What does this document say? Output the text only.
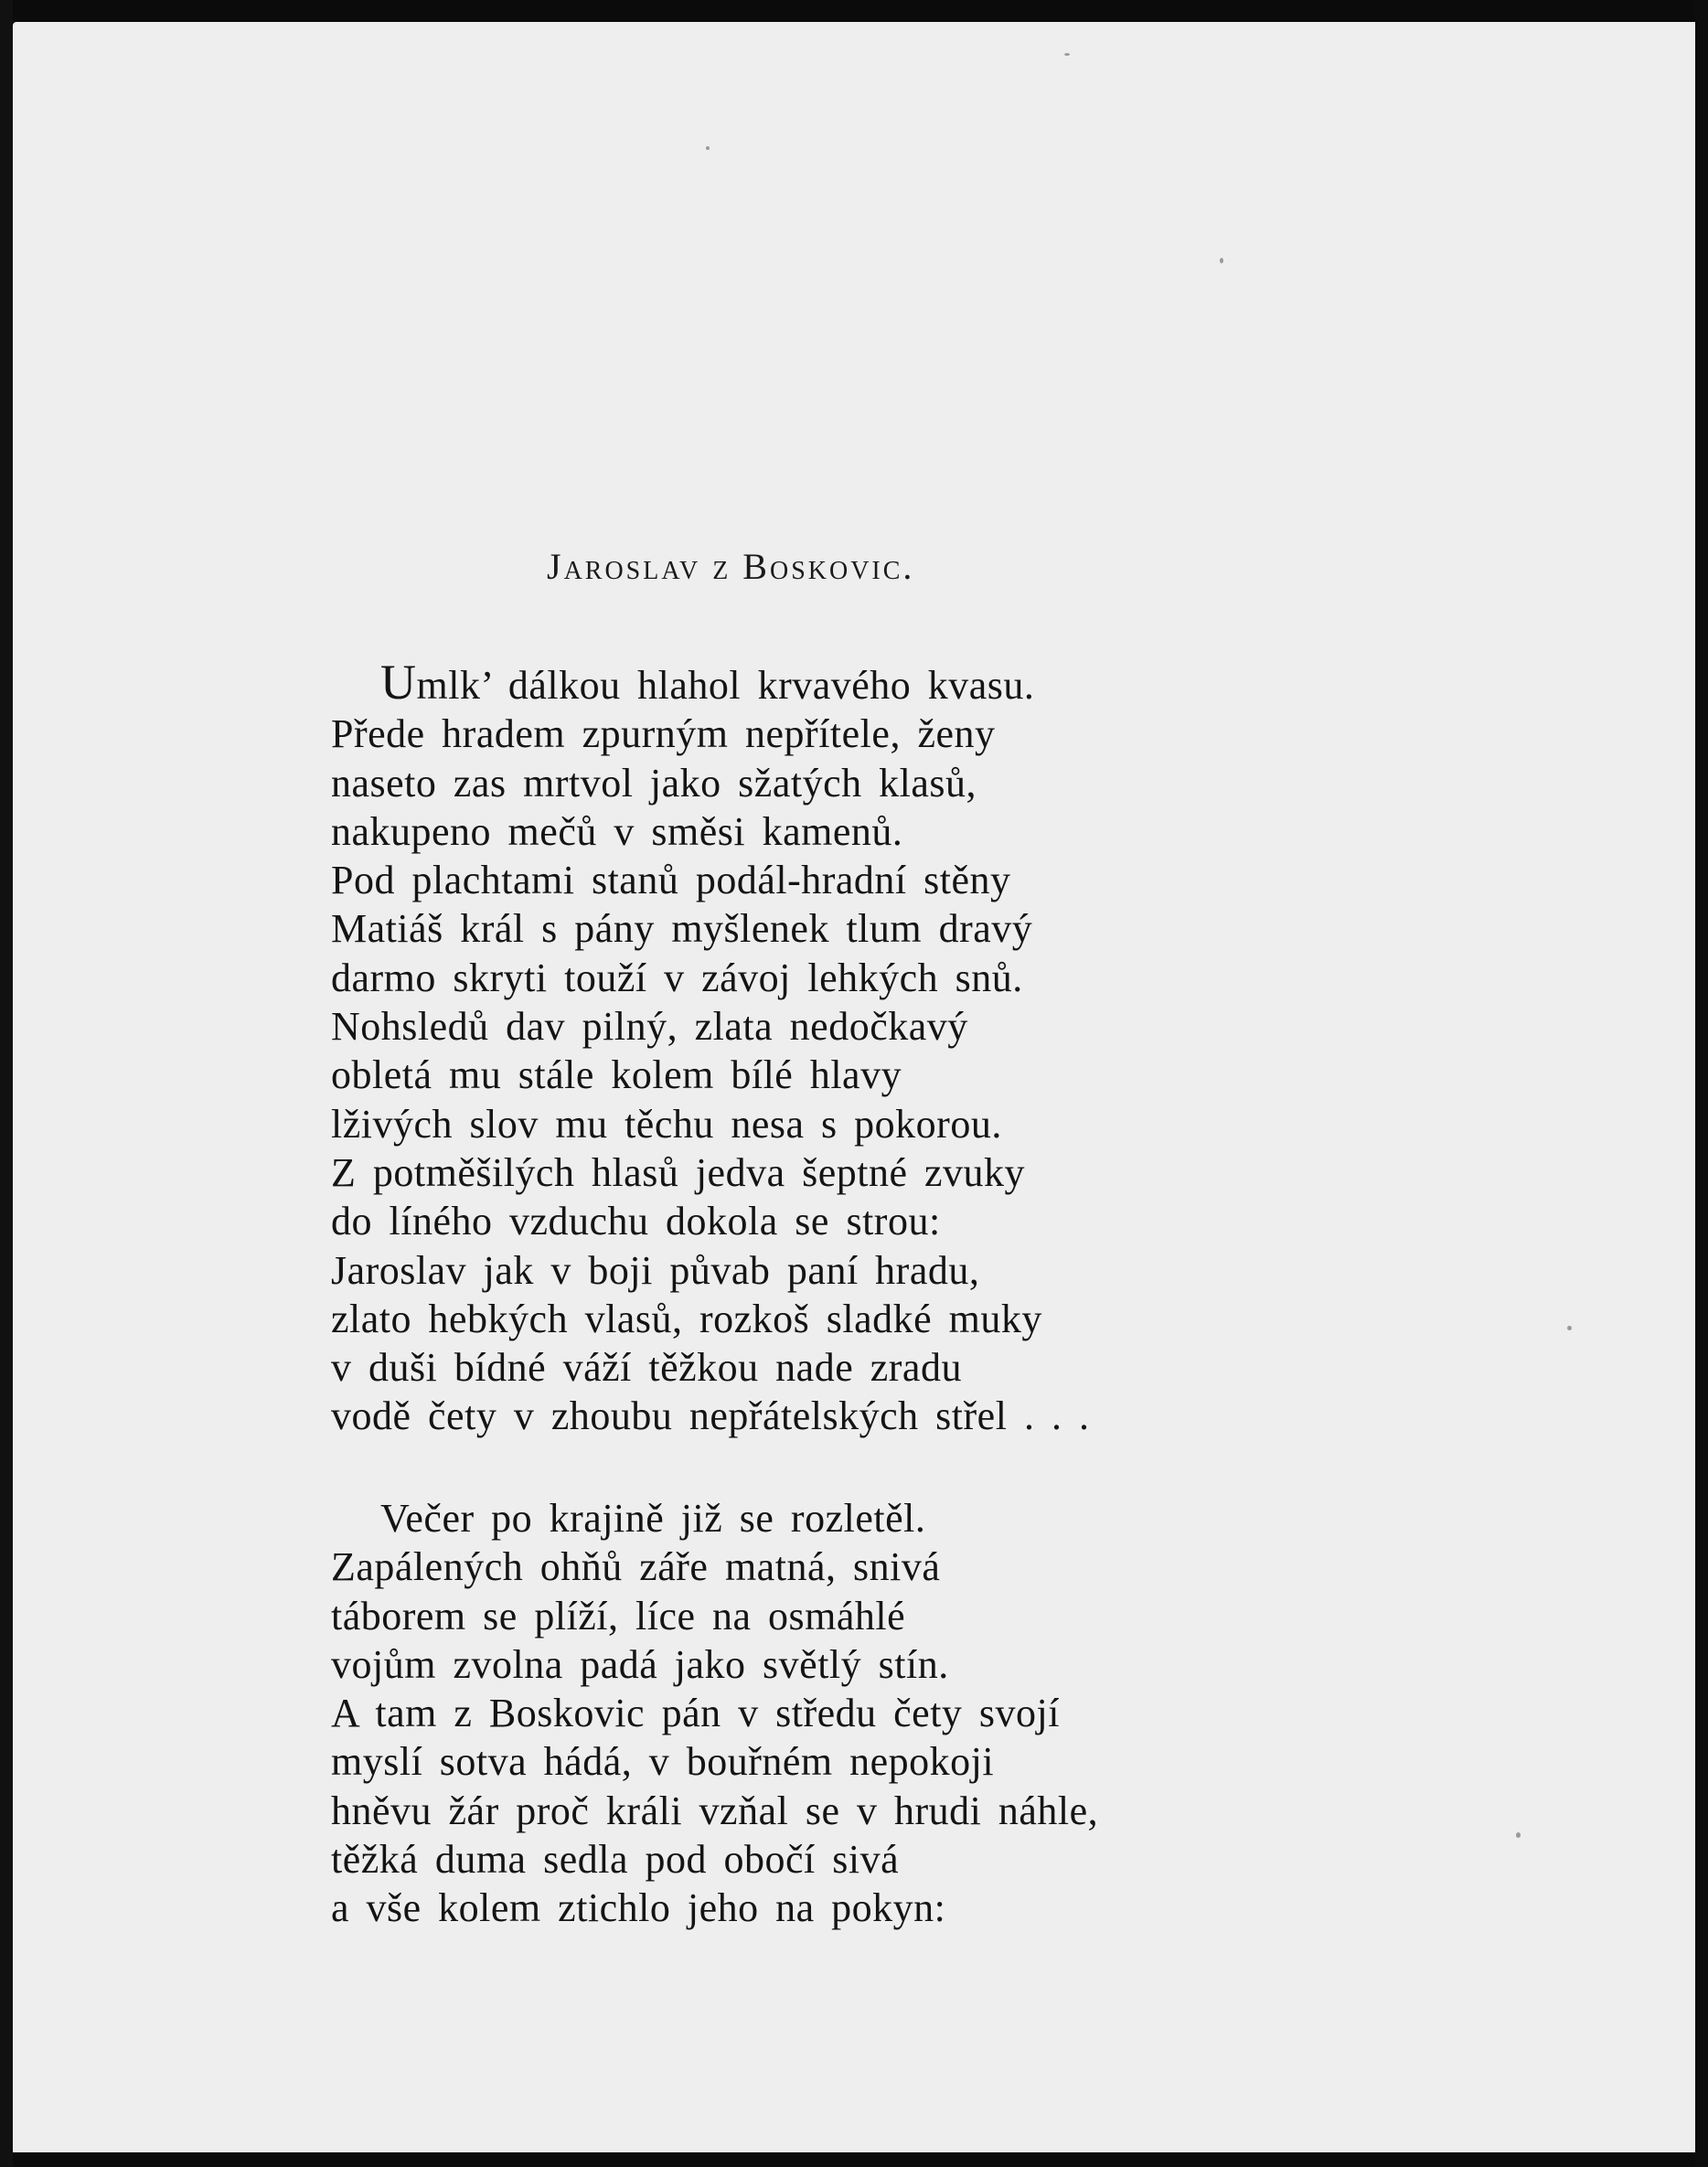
Jaroslav z Boskovic.
Umlk’ dálkou hlahol krvavého kvasu.
Přede hradem zpurným nepřítele, ženy
naseto zas mrtvol jako sžatých klasů,
nakupeno mečů v směsi kamenů.
Pod plachtami stanů podál-hradní stěny
Matiáš král s pány myšlenek tlum dravý
darmo skryti touží v závoj lehkých snů.
Nohsledů dav pilný, zlata nedočkavý
obletá mu stále kolem bílé hlavy
lživých slov mu těchu nesa s pokorou.
Z potměšilých hlasů jedva šeptné zvuky
do líného vzduchu dokola se strou:
Jaroslav jak v boji půvab paní hradu,
zlato hebkých vlasů, rozkoš sladké muky
v duši bídné váží těžkou nade zradu
vodě čety v zhoubu nepřátelských střel . . .
Večer po krajině již se rozletěl.
Zapálených ohňů záře matná, snivá
táborem se plíží, líce na osmáhlé
vojům zvolna padá jako světlý stín.
A tam z Boskovic pán v středu čety svojí
myslí sotva hádá, v bouřném nepokoji
hněvu žár proč králi vzňal se v hrudi náhle,
těžká duma sedla pod obočí sivá
a vše kolem ztichlo jeho na pokyn:
